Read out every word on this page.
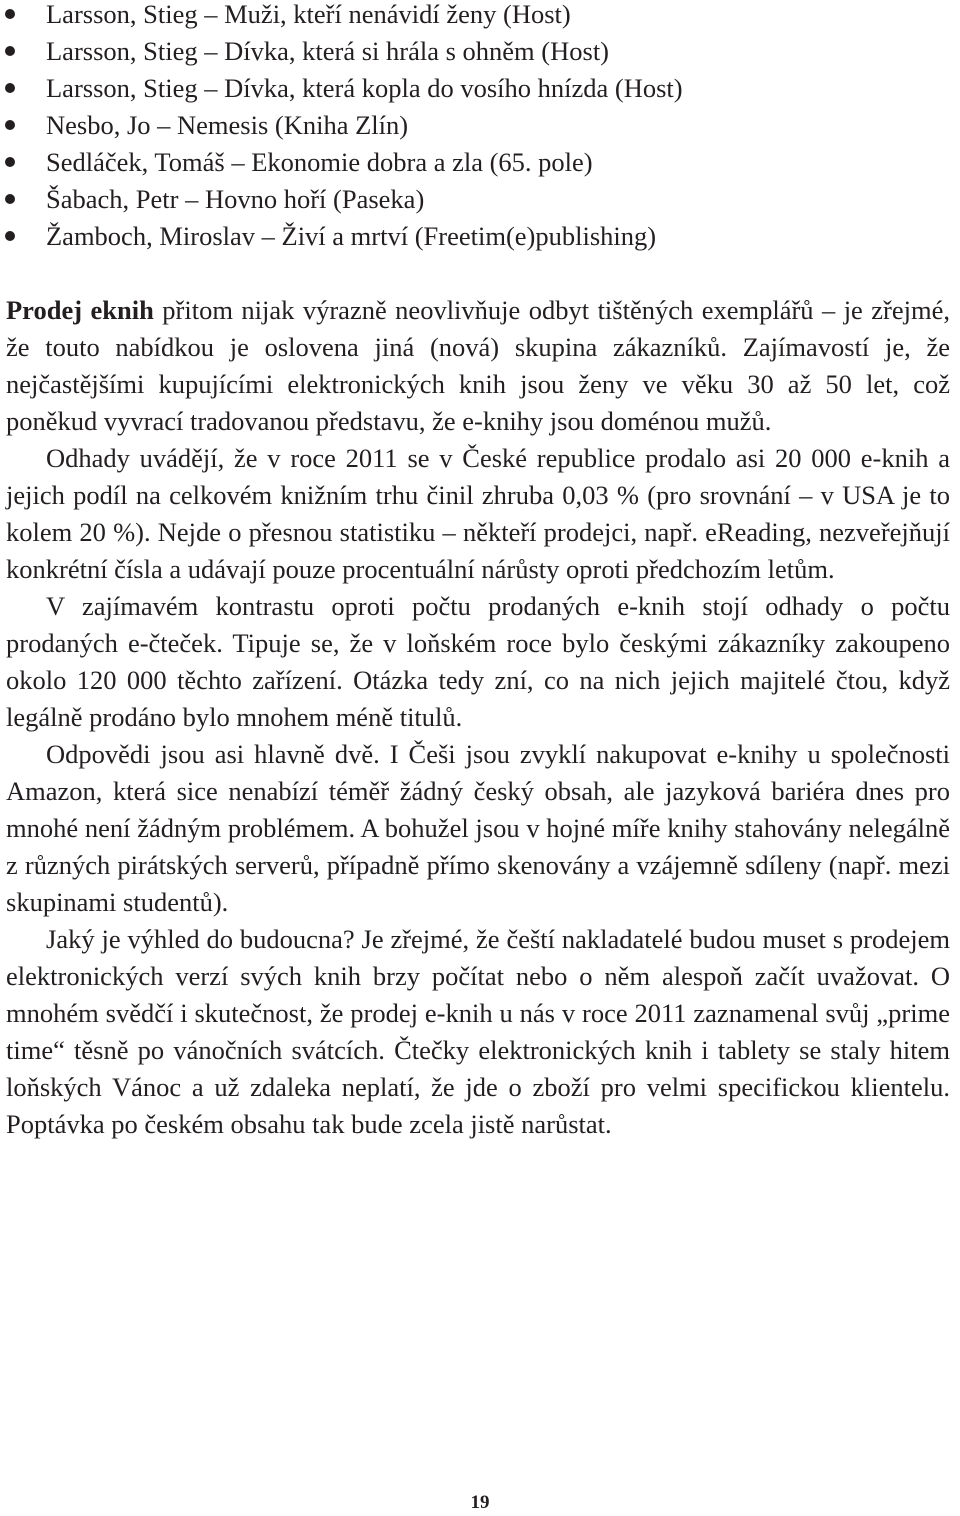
Larsson, Stieg – Muži, kteří nenávidí ženy (Host)
Larsson, Stieg – Dívka, která si hrála s ohněm (Host)
Larsson, Stieg – Dívka, která kopla do vosího hnízda (Host)
Nesbo, Jo – Nemesis (Kniha Zlín)
Sedláček, Tomáš – Ekonomie dobra a zla (65. pole)
Šabach, Petr – Hovno hoří (Paseka)
Žamboch, Miroslav – Živí a mrtví (Freetim(e)publishing)

Prodej eknih přitom nijak výrazně neovlivňuje odbyt tištěných exemplářů – je zřejmé, že touto nabídkou je oslovena jiná (nová) skupina zákazníků. Zajímavostí je, že nejčastějšími kupujícími elektronických knih jsou ženy ve věku 30 až 50 let, což poněkud vyvrací tradovanou představu, že e-knihy jsou doménou mužů.

Odhady uvádějí, že v roce 2011 se v České republice prodalo asi 20 000 e-knih a jejich podíl na celkovém knižním trhu činil zhruba 0,03 % (pro srovnání – v USA je to kolem 20 %). Nejde o přesnou statistiku – někteří prodejci, např. eReading, nezveřejňují konkrétní čísla a udávají pouze procentuální nárůsty oproti předchozím letům.

V zajímavém kontrastu oproti počtu prodaných e-knih stojí odhady o počtu prodaných e-čteček. Tipuje se, že v loňském roce bylo českými zákazníky zakoupeno okolo 120 000 těchto zařízení. Otázka tedy zní, co na nich jejich majitelé čtou, když legálně prodáno bylo mnohem méně titulů.

Odpovědi jsou asi hlavně dvě. I Češi jsou zvyklí nakupovat e-knihy u společnosti Amazon, která sice nenabízí téměř žádný český obsah, ale jazyková bariéra dnes pro mnohé není žádným problémem. A bohužel jsou v hojné míře knihy stahovány nelegálně z různých pirátských serverů, případně přímo skenovány a vzájemně sdíleny (např. mezi skupinami studentů).

Jaký je výhled do budoucna? Je zřejmé, že čeští nakladatelé budou muset s prodejem elektronických verzí svých knih brzy počítat nebo o něm alespoň začít uvažovat. O mnohém svědčí i skutečnost, že prodej e-knih u nás v roce 2011 zaznamenal svůj „prime time“ těsně po vánočních svátcích. Čtečky elektronických knih i tablety se staly hitem loňských Vánoc a už zdaleka neplatí, že jde o zboží pro velmi specifickou klientelu. Poptávka po českém obsahu tak bude zcela jistě narůstat.

19
